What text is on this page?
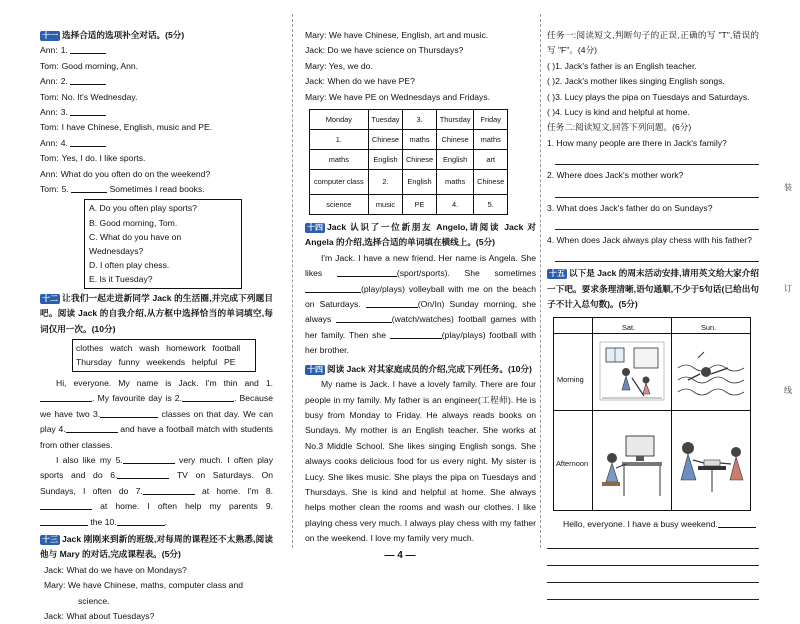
十一 选择合适的选项补全对话。(5分)
Ann: 1.
Tom: Good morning, Ann.
Ann: 2.
Tom: No. It's Wednesday.
Ann: 3.
Tom: I have Chinese, English, music and PE.
Ann: 4.
Tom: Yes, I do. I like sports.
Ann: What do you often do on the weekend?
Tom: 5.	Sometimes I read books.
A. Do you often play sports?
B. Good morning, Tom.
C. What do you have on Wednesdays?
D. I often play chess.
E. Is it Tuesday?
十二 让我们一起走进新同学 Jack 的生活圈,并完成下列题目吧。阅读 Jack 的自我介绍,从方框中选择恰当的单词填空,每词仅用一次。(10分)
clothes  watch  wash  homework  football
Thursday  funny  weekends  helpful  PE
Hi, everyone. My name is Jack. I'm thin and 1.. My favourite day is 2.	. Because we have two 3.	classes on that day. We can play 4.	and have a football match with students from other classes.
I also like my 5.	very much. I often play sports and do 6.	TV on Saturdays. On Sundays, I often do 7.	at home. I'm 8. at home. I often help my parents 9. the 10.	.
十三 Jack 刚刚来到新的班级,对每周的课程还不太熟悉,阅读他与 Mary 的对话,完成课程表。(5分)
Jack: What do we have on Mondays?
Mary: We have Chinese, maths, computer class and
science.
Jack: What about Tuesdays?
Mary: We have Chinese, English, art and music.
Jack: Do we have science on Thursdays?
Mary: Yes, we do.
Jack: When do we have PE?
Mary: We have PE on Wednesdays and Fridays.
Monday	Tuesday	3.	Thursday	Friday
1.	Chinese	maths	Chinese	maths
maths	English	Chinese	English	art
computer class	2.	English	maths	Chinese
science	music	PE	4.	5.
十四 Jack 认识了一位新朋友 Angelo,请阅读 Jack 对 Angela 的介绍,选择合适的单词填在横线上。(5分)
I'm Jack. I have a new friend. Her name is Angela. She likes	(sport/sports). She sometimes (play/plays) volleyball with me on the beach on Saturdays.	(On/In) Sunday morning, she always	(watch/watches) football games with her family. Then she	(play/plays) football with her brother.
十四 阅读 Jack 对其家庭成员的介绍,完成下列任务。(10分)
My name is Jack. I have a lovely family. There are four people in my family. My father is an engineer(工程师). He is busy from Monday to Friday. He always reads books on Sundays. My mother is an English teacher. She works at No.3 Middle School. She likes singing English songs. She always cooks delicious food for us every night. My sister is Lucy. She likes music. She plays the pipa on Tuesdays and Thursdays. She is kind and helpful at home. She always helps mother clean the rooms and wash our clothes. I like playing chess very much. I always play chess with my father on the weekend. I love my family very much.
任务一:阅读短文,判断句子的正误,正确的写 "T",错误的写 "F"。(4分)
( )1. Jack's father is an English teacher.
( )2. Jack's mother likes singing English songs.
( )3. Lucy plays the pipa on Tuesdays and Saturdays.
( )4. Lucy is kind and helpful at home.
任务二:阅读短文,回答下列问题。(6分)
1. How many people are there in Jack's family?
2. Where does Jack's mother work?
3. What does Jack's father do on Sundays?
4. When does Jack always play chess with his father?
十五 以下是 Jack 的周末活动安排,请用英文给大家介绍一下吧。要求条理清晰,语句通顺,不少于5句话(已给出句子不计入总句数)。(5分)
Sat.	Sun.
Morning
Afternoon
Hello, everyone. I have a busy weekend.
装
订
线
— 4 —
